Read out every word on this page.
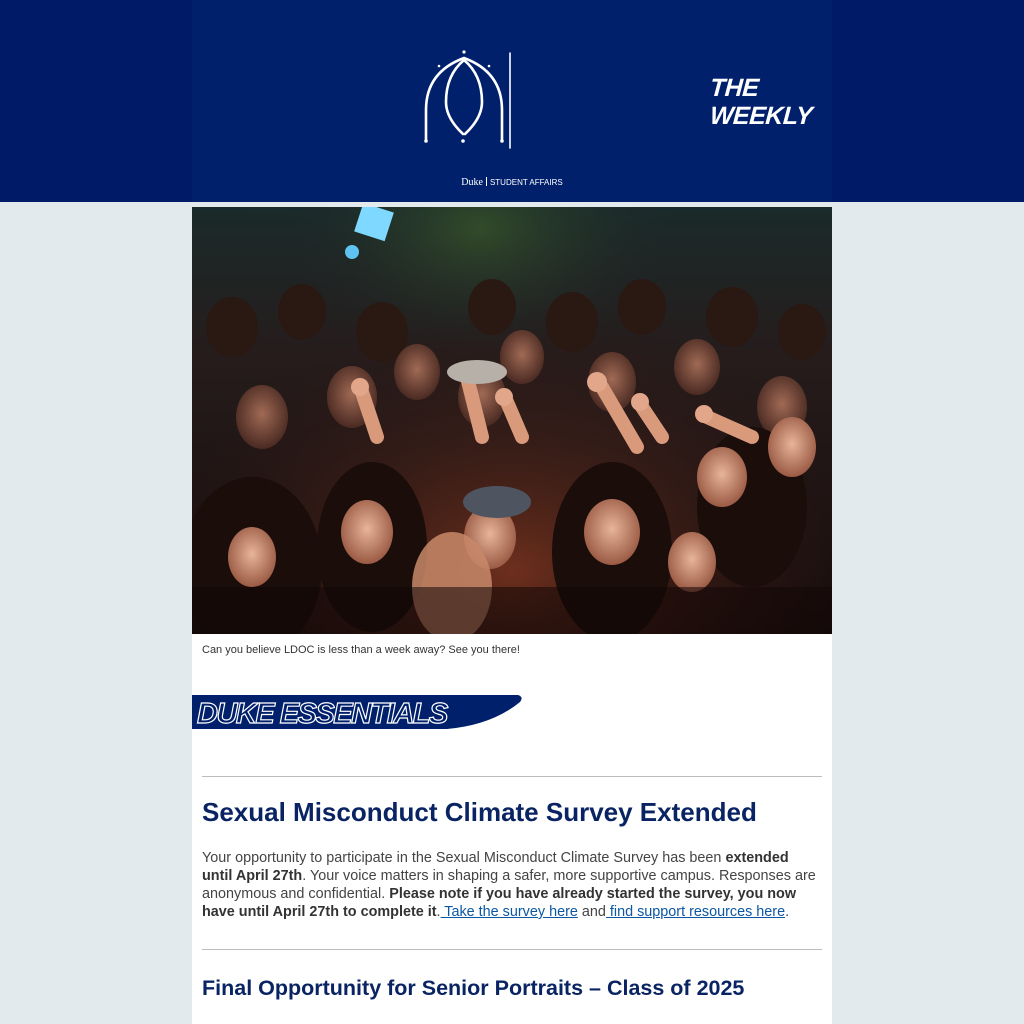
THE
WEEKLY
Duke STUDENT AFFAIRS
Can you believe LDOC is less than a week away? See you there!
DUKE ESSENTIALS
Sexual Misconduct Climate Survey Extended
Your opportunity to participate in the Sexual Misconduct Climate Survey has been extended until April 27th. Your voice matters in shaping a safer, more supportive campus. Responses are anonymous and confidential. Please note if you have already started the survey, you now have until April 27th to complete it. Take the survey here and find support resources here.
Final Opportunity for Senior Portraits – Class of 2025
